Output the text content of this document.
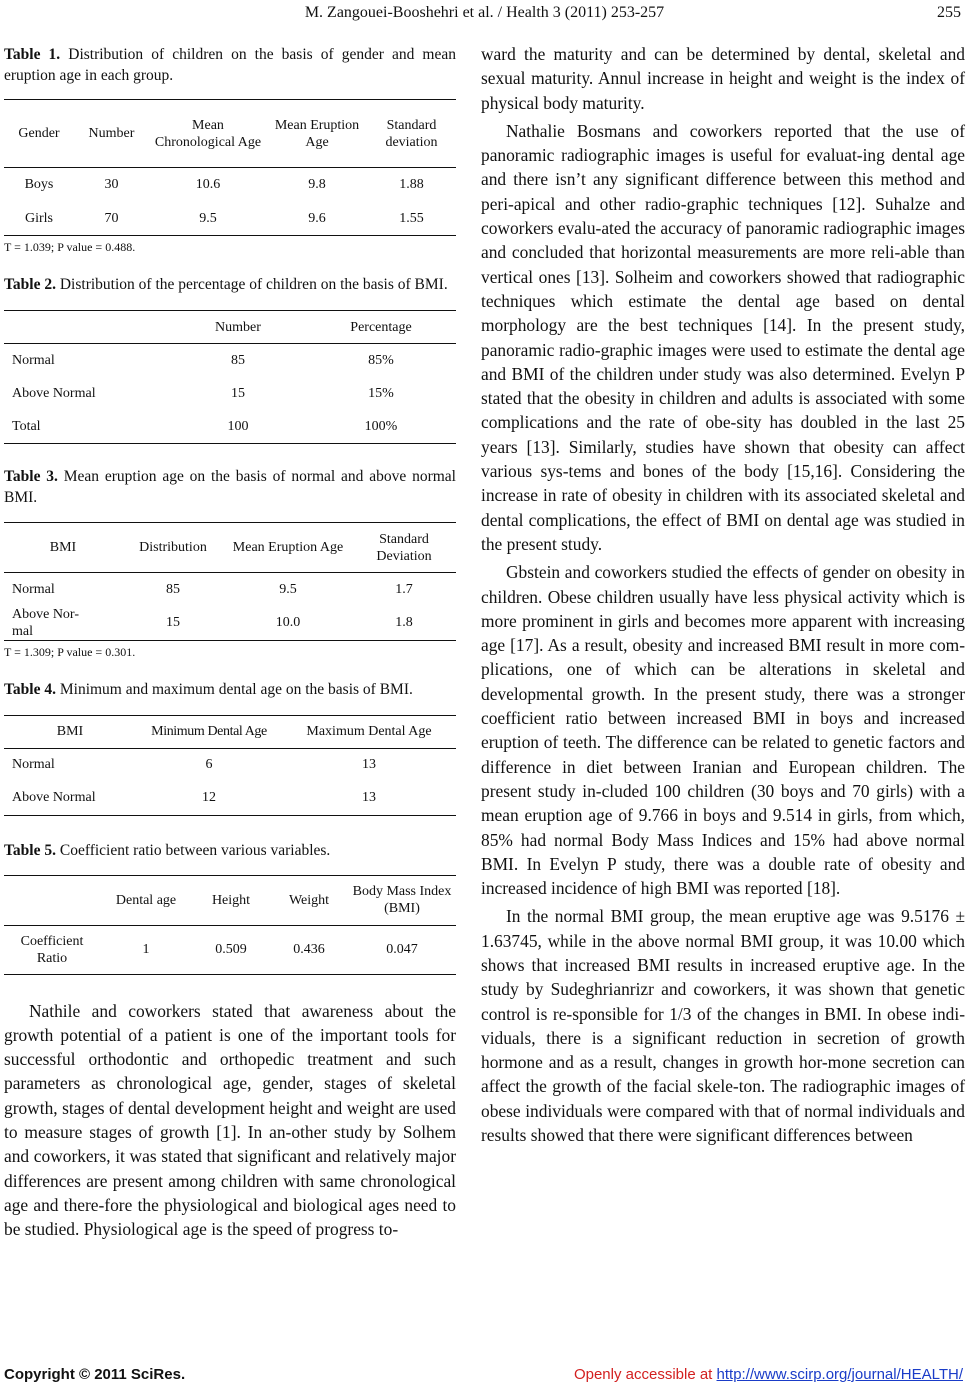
M. Zangouei-Booshehri et al. / Health 3 (2011) 253-257	255

Table 1. Distribution of children on the basis of gender and mean eruption age in each group.

Gender	Number	Mean Chronological Age	Mean Eruption Age	Standard deviation
Boys	30	10.6	9.8	1.88
Girls	70	9.5	9.6	1.55

T = 1.039; P value = 0.488.

Table 2. Distribution of the percentage of children on the basis of BMI.

	Number	Percentage
Normal	85	85%
Above Normal	15	15%
Total	100	100%

Table 3. Mean eruption age on the basis of normal and above normal BMI.

BMI	Distribution	Mean Eruption Age	Standard Deviation
Normal	85	9.5	1.7

Above Nor-mal	15	10.0	1.8

T = 1.309; P value = 0.301.

Table 4. Minimum and maximum dental age on the basis of BMI.

BMI	Minimum Dental Age	Maximum Dental Age
Normal	6	13
Above Normal	12	13

Table 5. Coefficient ratio between various variables.

	Dental age	Height	Weight	Body Mass Index (BMI)
Coefficient Ratio	1	0.509	0.436	0.047

Nathile and coworkers stated that awareness about the growth potential of a patient is one of the important tools for successful orthodontic and orthopedic treatment and such parameters as chronological age, gender, stages of skeletal growth, stages of dental development height and weight are used to measure stages of growth [1]. In an-other study by Solhem and coworkers, it was stated that significant and relatively major differences are present among children with same chronological age and there-fore the physiological and biological ages need to be studied. Physiological age is the speed of progress to-

ward the maturity and can be determined by dental, skeletal and sexual maturity. Annul increase in height and weight is the index of physical body maturity.

Nathalie Bosmans and coworkers reported that the use of panoramic radiographic images is useful for evaluat-ing dental age and there isn’t any significant difference between this method and peri-apical and other radio-graphic techniques [12]. Suhalze and coworkers evalu-ated the accuracy of panoramic radiographic images and concluded that horizontal measurements are more reli-able than vertical ones [13]. Solheim and coworkers showed that radiographic techniques which estimate the dental age based on dental morphology are the best techniques [14]. In the present study, panoramic radio-graphic images were used to estimate the dental age and BMI of the children under study was also determined. Evelyn P stated that the obesity in children and adults is associated with some complications and the rate of obe-sity has doubled in the last 25 years [13]. Similarly, studies have shown that obesity can affect various sys-tems and bones of the body [15,16]. Considering the increase in rate of obesity in children with its associated skeletal and dental complications, the effect of BMI on dental age was studied in the present study.

Gbstein and coworkers studied the effects of gender on obesity in children. Obese children usually have less physical activity which is more prominent in girls and becomes more apparent with increasing age [17]. As a result, obesity and increased BMI result in more com-plications, one of which can be alterations in skeletal and developmental growth. In the present study, there was a stronger coefficient ratio between increased BMI in boys and increased eruption of teeth. The difference can be related to genetic factors and difference in diet between Iranian and European children. The present study in-cluded 100 children (30 boys and 70 girls) with a mean eruption age of 9.766 in boys and 9.514 in girls, from which, 85% had normal Body Mass Indices and 15% had above normal BMI. In Evelyn P study, there was a double rate of obesity and increased incidence of high BMI was reported [18].

In the normal BMI group, the mean eruptive age was 9.5176 ± 1.63745, while in the above normal BMI group, it was 10.00 which shows that increased BMI results in increased eruptive age. In the study by Sudeghrianrizr and coworkers, it was shown that genetic control is re-sponsible for 1/3 of the changes in BMI. In obese indi-viduals, there is a significant reduction in secretion of growth hormone and as a result, changes in growth hor-mone secretion can affect the growth of the facial skele-ton. The radiographic images of obese individuals were compared with that of normal individuals and results showed that there were significant differences between

Copyright © 2011 SciRes.	Openly accessible at http://www.scirp.org/journal/HEALTH/
